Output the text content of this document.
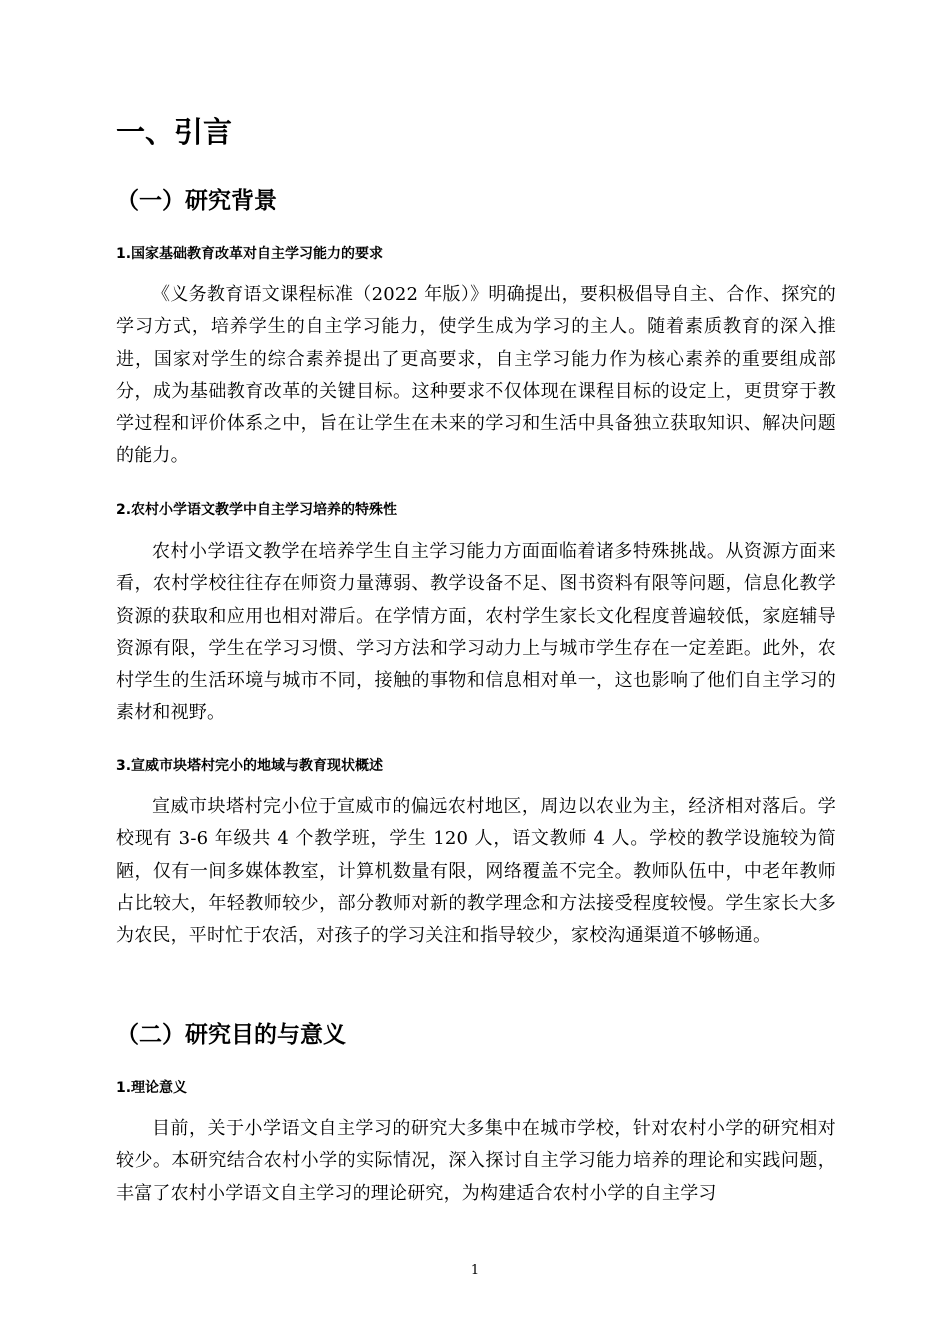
一、引言
（一）研究背景
1.国家基础教育改革对自主学习能力的要求

《义务教育语文课程标准（2022 年版）》明确提出，要积极倡导自主、合作、探究的学习方式，培养学生的自主学习能力，使学生成为学习的主人。随着素质教育的深入推进，国家对学生的综合素养提出了更高要求，自主学习能力作为核心素养的重要组成部分，成为基础教育改革的关键目标。这种要求不仅体现在课程目标的设定上，更贯穿于教学过程和评价体系之中，旨在让学生在未来的学习和生活中具备独立获取知识、解决问题的能力。

2.农村小学语文教学中自主学习培养的特殊性

农村小学语文教学在培养学生自主学习能力方面面临着诸多特殊挑战。从资源方面来看，农村学校往往存在师资力量薄弱、教学设备不足、图书资料有限等问题，信息化教学资源的获取和应用也相对滞后。在学情方面，农村学生家长文化程度普遍较低，家庭辅导资源有限，学生在学习习惯、学习方法和学习动力上与城市学生存在一定差距。此外，农村学生的生活环境与城市不同，接触的事物和信息相对单一，这也影响了他们自主学习的素材和视野。

3.宣威市块塔村完小的地域与教育现状概述

宣威市块塔村完小位于宣威市的偏远农村地区，周边以农业为主，经济相对落后。学校现有 3-6 年级共 4 个教学班，学生 120 人，语文教师 4 人。学校的教学设施较为简陋，仅有一间多媒体教室，计算机数量有限，网络覆盖不完全。教师队伍中，中老年教师占比较大，年轻教师较少，部分教师对新的教学理念和方法接受程度较慢。学生家长大多为农民，平时忙于农活，对孩子的学习关注和指导较少，家校沟通渠道不够畅通。

（二）研究目的与意义
1.理论意义

目前，关于小学语文自主学习的研究大多集中在城市学校，针对农村小学的研究相对较少。本研究结合农村小学的实际情况，深入探讨自主学习能力培养的理论和实践问题，丰富了农村小学语文自主学习的理论研究，为构建适合农村小学的自主学习

1
